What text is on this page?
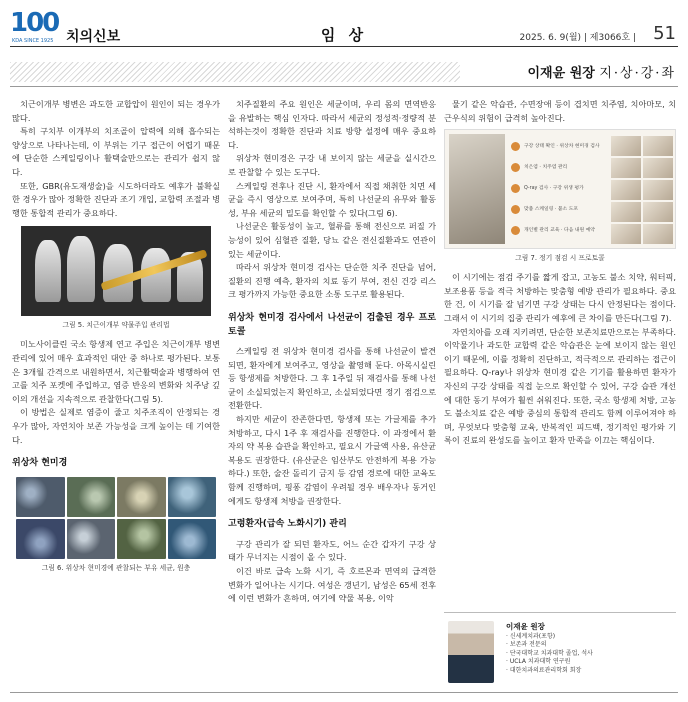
100
KDA SINCE 1925 치의신보	임 상	2025. 6. 9(월) | 제3066호 | 51
이재윤 원장 지·상·강·좌

치근이개부 병변은 과도한 교합압이 원인이 되는 경우가 많다.

특히 구치부 이개부의 치조골이 압력에 의해 흡수되는 양상으로 나타나는데, 이 부위는 기구 접근이 어렵기 때문에 단순한 스케일링이나 활택술만으로는 관리가 쉽지 않다.

또한, GBR(유도재생술)을 시도하더라도 예후가 불확실한 경우가 많아 정확한 진단과 조기 개입, 교합력 조절과 병행한 통합적 관리가 중요하다.

그림 5. 치근이개부 약물주입 관리법

미노사이클린 국소 항생제 연고 주입은 치근이개부 병변 관리에 있어 매우 효과적인 대안 중 하나로 평가된다. 보통은 3개월 간격으로 내원하면서, 치근활택술과 병행하여 연고를 치주 포켓에 주입하고, 염증 반응의 변화와 치주낭 깊이의 개선을 지속적으로 관찰한다(그림 5).

이 방법은 실제로 염증이 줄고 치주조직이 안정되는 경우가 많아, 자연치아 보존 가능성을 크게 높이는 데 기여한다.

위상차 현미경
그림 6. 위상차 현미경에 관찰되는 부유 세균, 원충

치주질환의 주요 원인은 세균이며, 우리 몸의 면역반응을 유발하는 핵심 인자다. 따라서 세균의 정성적·정량적 분석하는것이 정확한 진단과 치료 방향 설정에 매우 중요하다.

위상차 현미경은 구강 내 보이지 않는 세균을 실시간으로 관찰할 수 있는 도구다.

스케일링 전후나 진단 시, 환자에서 직접 채취한 치면 세균을 즉시 영상으로 보여주며, 특히 나선균의 유무와 활동성, 부유 세균의 밀도를 확인할 수 있다(그림 6).

나선균은 활동성이 높고, 혈류를 통해 전신으로 퍼질 가능성이 있어 심혈관 질환, 당뇨 같은 전신질환과도 연관이 있는 세균이다.

따라서 위상차 현미경 검사는 단순한 치주 진단을 넘어, 질환의 진행 예측, 환자의 치료 동기 부여, 전신 건강 리스크 평가까지 가능한 중요한 소통 도구로 활용된다.

위상차 현미경 검사에서 나선균이 검출된 경우 프로토콜

스케일링 전 위상차 현미경 검사를 통해 나선균이 발견되면, 환자에게 보여주고, 영상을 촬영해 둔다. 아목시실린 등 항생제를 처방한다. 그 후 1주일 뒤 재검사를 통해 나선균이 소실되었는지 확인하고, 소실되었다면 정기 점검으로 전환한다.

하지만 세균이 잔존한다면, 항생제 또는 가글제를 추가 처방하고, 다시 1주 후 재검사를 진행한다. 이 과정에서 환자의 약 복용 습관을 확인하고, 필요시 가글액 사용, 유산균 복용도 권장한다. (유산균은 임산부도 안전하게 복용 가능하다.) 또한, 술잔 돌리기 금지 등 감염 경로에 대한 교육도 함께 진행하며, 핑퐁 감염이 우려될 경우 배우자나 동거인에게도 항생제 처방을 권장한다.

고령환자(급속 노화시기) 관리

구강 관리가 잘 되던 환자도, 어느 순간 갑자기 구강 상태가 무너지는 시점이 올 수 있다.

이건 바로 급속 노화 시기, 즉 호르몬과 면역의 급격한 변화가 일어나는 시기다. 여성은 갱년기, 남성은 65세 전후에 이런 변화가 흔하며, 여기에 약물 복용, 이악

물기 같은 악습관, 수면장애 등이 겹치면 치주염, 치아마모, 치근우식의 위험이 급격히 높아진다.

구강 상태 확인 · 위상차 현미경 검사
치은염 · 치주염 관리
Q-ray 검사 · 구강 위생 평가
맞춤 스케일링 · 불소 도포
개인별 관리 교육 · 다음 내원 예약
그림 7. 정기 점검 시 프로토콜

이 시기에는 점검 주기를 짧게 잡고, 고농도 불소 치약, 워터픽, 보조용품 등을 적극 처방하는 맞춤형 예방 관리가 필요하다. 중요한 건, 이 시기를 잘 넘기면 구강 상태는 다시 안정된다는 점이다. 그래서 이 시기의 집중 관리가 예후에 큰 차이를 만든다(그림 7).

자연치아를 오래 지키려면, 단순한 보존치료만으로는 부족하다. 이악물기나 과도한 교합력 같은 악습관은 눈에 보이지 않는 원인이기 때문에, 이를 정확히 진단하고, 적극적으로 관리하는 접근이 필요하다. Q-ray나 위상차 현미경 같은 기기를 활용하면 환자가 자신의 구강 상태를 직접 눈으로 확인할 수 있어, 구강 습관 개선에 대한 동기 부여가 훨씬 쉬워진다. 또한, 국소 항생제 처방, 고농도 불소치료 같은 예방 중심의 통합적 관리도 함께 이루어져야 하며, 무엇보다 맞춤형 교육, 반복적인 피드백, 정기적인 평가와 기록이 진료의 완성도를 높이고 환자 만족을 이끄는 핵심이다.

이재윤 원장
· 신세계치과(포항)
· 보존과 전문의
· 단국대학교 치과대학 졸업, 석사
· UCLA 치과대학 연구원
· 대한치과의료관리학회 회장
